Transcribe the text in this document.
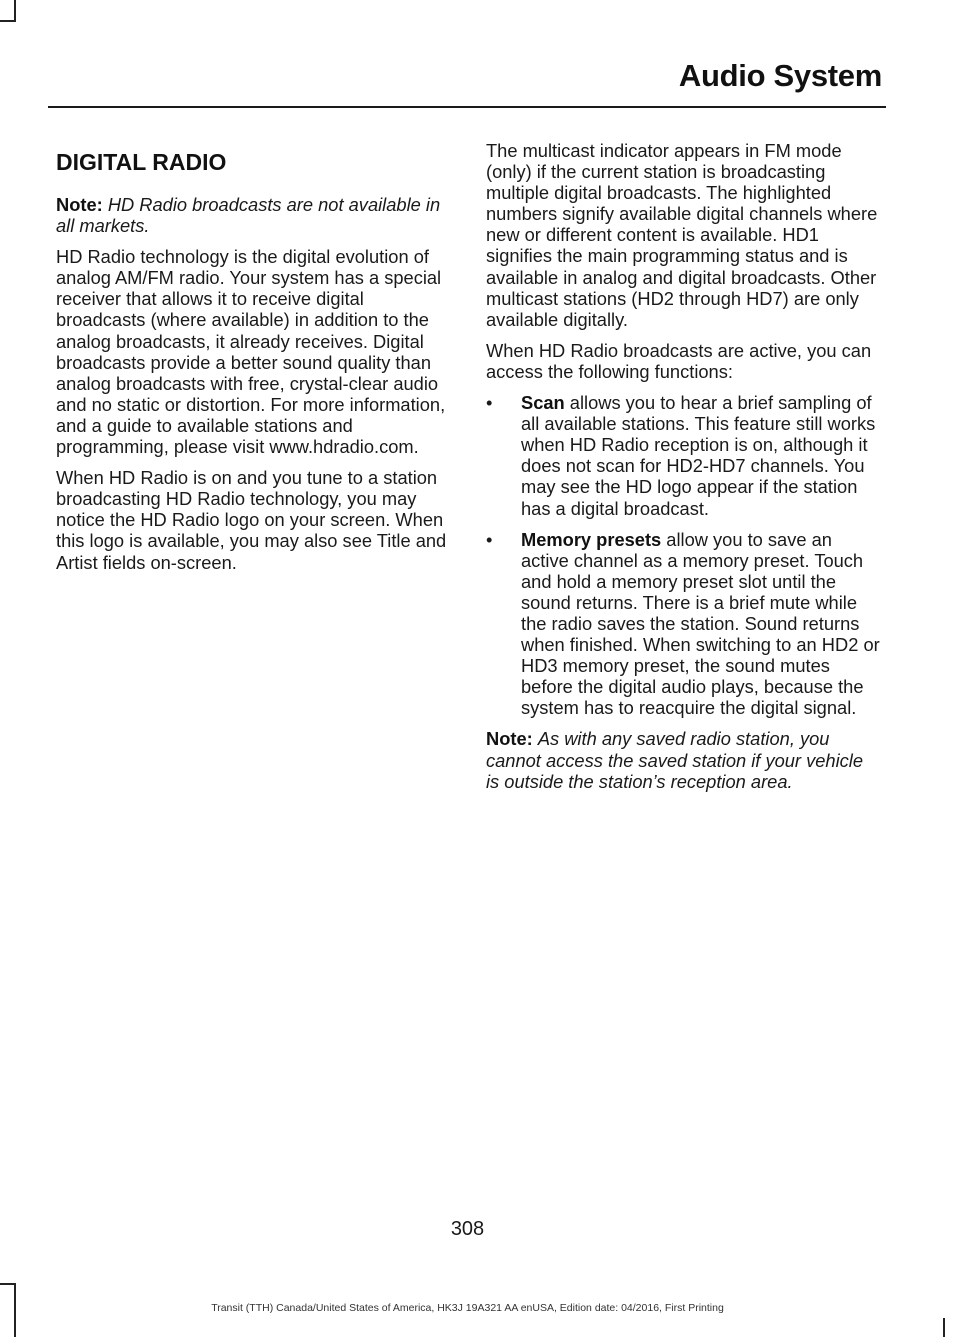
Audio System
DIGITAL RADIO

Note: HD Radio broadcasts are not available in all markets.

HD Radio technology is the digital evolution of analog AM/FM radio. Your system has a special receiver that allows it to receive digital broadcasts (where available) in addition to the analog broadcasts, it already receives. Digital broadcasts provide a better sound quality than analog broadcasts with free, crystal-clear audio and no static or distortion. For more information, and a guide to available stations and programming, please visit www.hdradio.com.

When HD Radio is on and you tune to a station broadcasting HD Radio technology, you may notice the HD Radio logo on your screen. When this logo is available, you may also see Title and Artist fields on-screen.

The multicast indicator appears in FM mode (only) if the current station is broadcasting multiple digital broadcasts. The highlighted numbers signify available digital channels where new or different content is available. HD1 signifies the main programming status and is available in analog and digital broadcasts. Other multicast stations (HD2 through HD7) are only available digitally.

When HD Radio broadcasts are active, you can access the following functions:

• Scan allows you to hear a brief sampling of all available stations. This feature still works when HD Radio reception is on, although it does not scan for HD2-HD7 channels. You may see the HD logo appear if the station has a digital broadcast.
• Memory presets allow you to save an active channel as a memory preset. Touch and hold a memory preset slot until the sound returns. There is a brief mute while the radio saves the station. Sound returns when finished. When switching to an HD2 or HD3 memory preset, the sound mutes before the digital audio plays, because the system has to reacquire the digital signal.

Note: As with any saved radio station, you cannot access the saved station if your vehicle is outside the station’s reception area.

308
Transit (TTH) Canada/United States of America, HK3J 19A321 AA enUSA, Edition date: 04/2016, First Printing
